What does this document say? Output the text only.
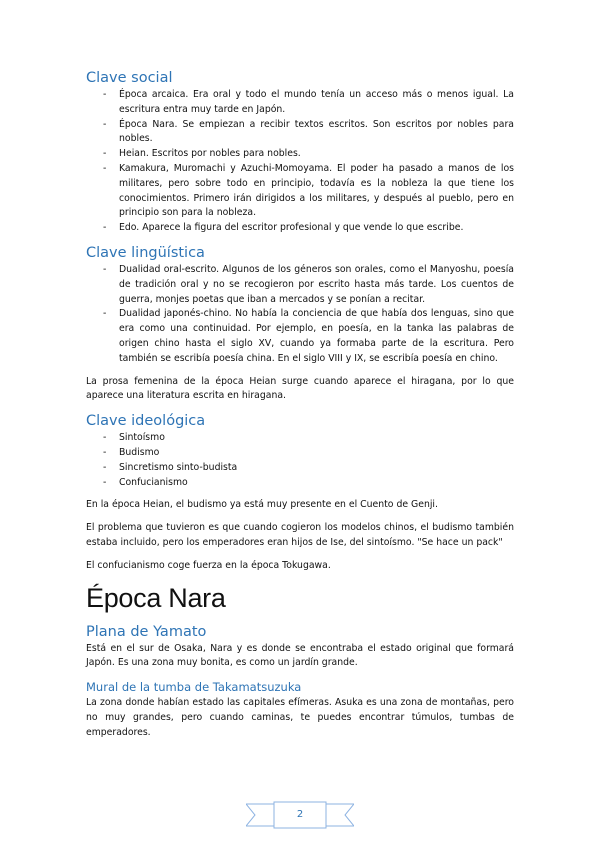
Clave social
- Época arcaica. Era oral y todo el mundo tenía un acceso más o menos igual. La escritura entra muy tarde en Japón.
- Época Nara. Se empiezan a recibir textos escritos. Son escritos por nobles para nobles.
- Heian. Escritos por nobles para nobles.
- Kamakura, Muromachi y Azuchi-Momoyama. El poder ha pasado a manos de los militares, pero sobre todo en principio, todavía es la nobleza la que tiene los conocimientos. Primero irán dirigidos a los militares, y después al pueblo, pero en principio son para la nobleza.
- Edo. Aparece la figura del escritor profesional y que vende lo que escribe.
Clave lingüística
- Dualidad oral-escrito. Algunos de los géneros son orales, como el Manyoshu, poesía de tradición oral y no se recogieron por escrito hasta más tarde. Los cuentos de guerra, monjes poetas que iban a mercados y se ponían a recitar.
- Dualidad japonés-chino. No había la conciencia de que había dos lenguas, sino que era como una continuidad. Por ejemplo, en poesía, en la tanka las palabras de origen chino hasta el siglo XV, cuando ya formaba parte de la escritura. Pero también se escribía poesía china. En el siglo VIII y IX, se escribía poesía en chino.

La prosa femenina de la época Heian surge cuando aparece el hiragana, por lo que aparece una literatura escrita en hiragana.

Clave ideológica
- Sintoísmo
- Budismo
- Sincretismo sinto-budista
- Confucianismo

En la época Heian, el budismo ya está muy presente en el Cuento de Genji.

El problema que tuvieron es que cuando cogieron los modelos chinos, el budismo también estaba incluido, pero los emperadores eran hijos de Ise, del sintoísmo. "Se hace un pack"

El confucianismo coge fuerza en la época Tokugawa.

Época Nara
Plana de Yamato

Está en el sur de Osaka, Nara y es donde se encontraba el estado original que formará Japón. Es una zona muy bonita, es como un jardín grande.

Mural de la tumba de Takamatsuzuka

La zona donde habían estado las capitales efímeras. Asuka es una zona de montañas, pero no muy grandes, pero cuando caminas, te puedes encontrar túmulos, tumbas de emperadores.

2
